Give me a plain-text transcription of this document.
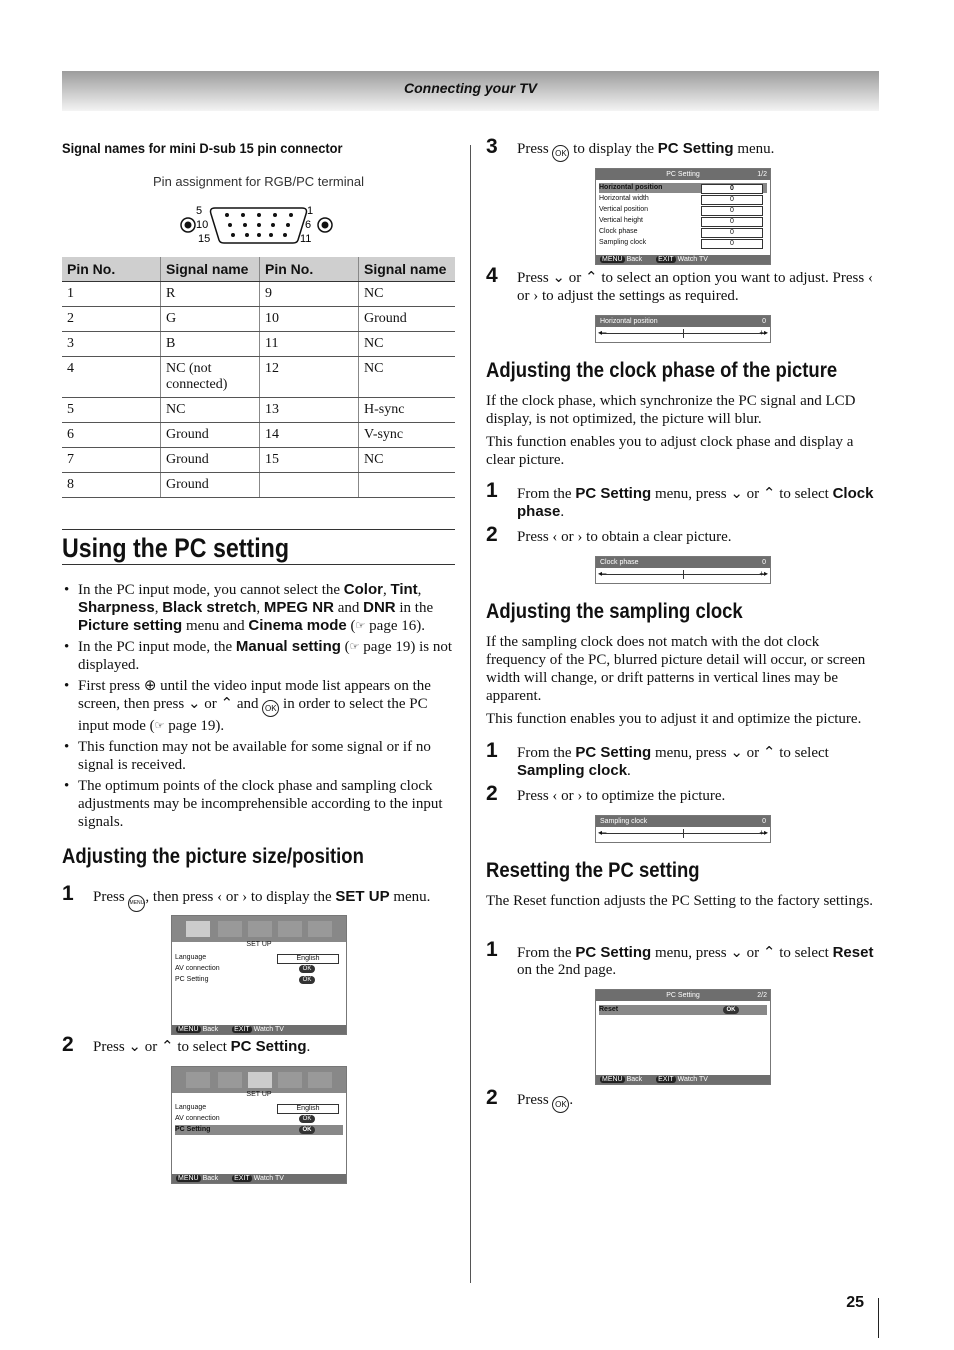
Connecting your TV
Signal names for mini D-sub 15 pin connector
Pin assignment for RGB/PC terminal
5
10
15
1
6
11
Pin No.	Signal name	Pin No.	Signal name
1	R	9	NC
2	G	10	Ground
3	B	11	NC
4	NC (not connected)	12	NC
5	NC	13	H-sync
6	Ground	14	V-sync
7	Ground	15	NC
8	Ground		
Using the PC setting
• In the PC input mode, you cannot select the Color, Tint, Sharpness, Black stretch, MPEG NR and DNR in the Picture setting menu and Cinema mode (☞ page 16).
• In the PC input mode, the Manual setting (☞ page 19) is not displayed.
• First press ⊕ until the video input mode list appears on the screen, then press ⌄ or ⌃ and OK in order to select the PC input mode (☞ page 19).
• This function may not be available for some signal or if no signal is received.
• The optimum points of the clock phase and sampling clock adjustments may be incomprehensible according to the input signals.
Adjusting the picture size/position
1 Press MENU, then press ‹ or › to display the SET UP menu.
SET UP
Language	English
AV connection	OK
PC Setting	OK
MENU Back EXIT Watch TV
2 Press ⌄ or ⌃ to select PC Setting.
SET UP
Language	English
AV connection	OK
PC Setting	OK
MENU Back EXIT Watch TV
3 Press OK to display the PC Setting menu.
PC Setting	1/2
Horizontal position	0
Horizontal width	0
Vertical position	0
Vertical height	0
Clock phase	0
Sampling clock	0
MENU Back EXIT Watch TV
4 Press ⌄ or ⌃ to select an option you want to adjust. Press ‹ or › to adjust the settings as required.
Horizontal position	0
◂–	+▸
Adjusting the clock phase of the picture
If the clock phase, which synchronize the PC signal and LCD display, is not optimized, the picture will blur.
This function enables you to adjust clock phase and display a clear picture.
1 From the PC Setting menu, press ⌄ or ⌃ to select Clock phase.
2 Press ‹ or › to obtain a clear picture.
Clock phase	0
◂–	+▸
Adjusting the sampling clock
If the sampling clock does not match with the dot clock frequency of the PC, blurred picture detail will occur, or screen width will change, or drift patterns in vertical lines may be apparent.
This function enables you to adjust it and optimize the picture.
1 From the PC Setting menu, press ⌄ or ⌃ to select Sampling clock.
2 Press ‹ or › to optimize the picture.
Sampling clock	0
◂–	+▸
Resetting the PC setting
The Reset function adjusts the PC Setting to the factory settings.
1 From the PC Setting menu, press ⌄ or ⌃ to select Reset on the 2nd page.
PC Setting	2/2
Reset	OK
MENU Back EXIT Watch TV
2 Press OK .
25
